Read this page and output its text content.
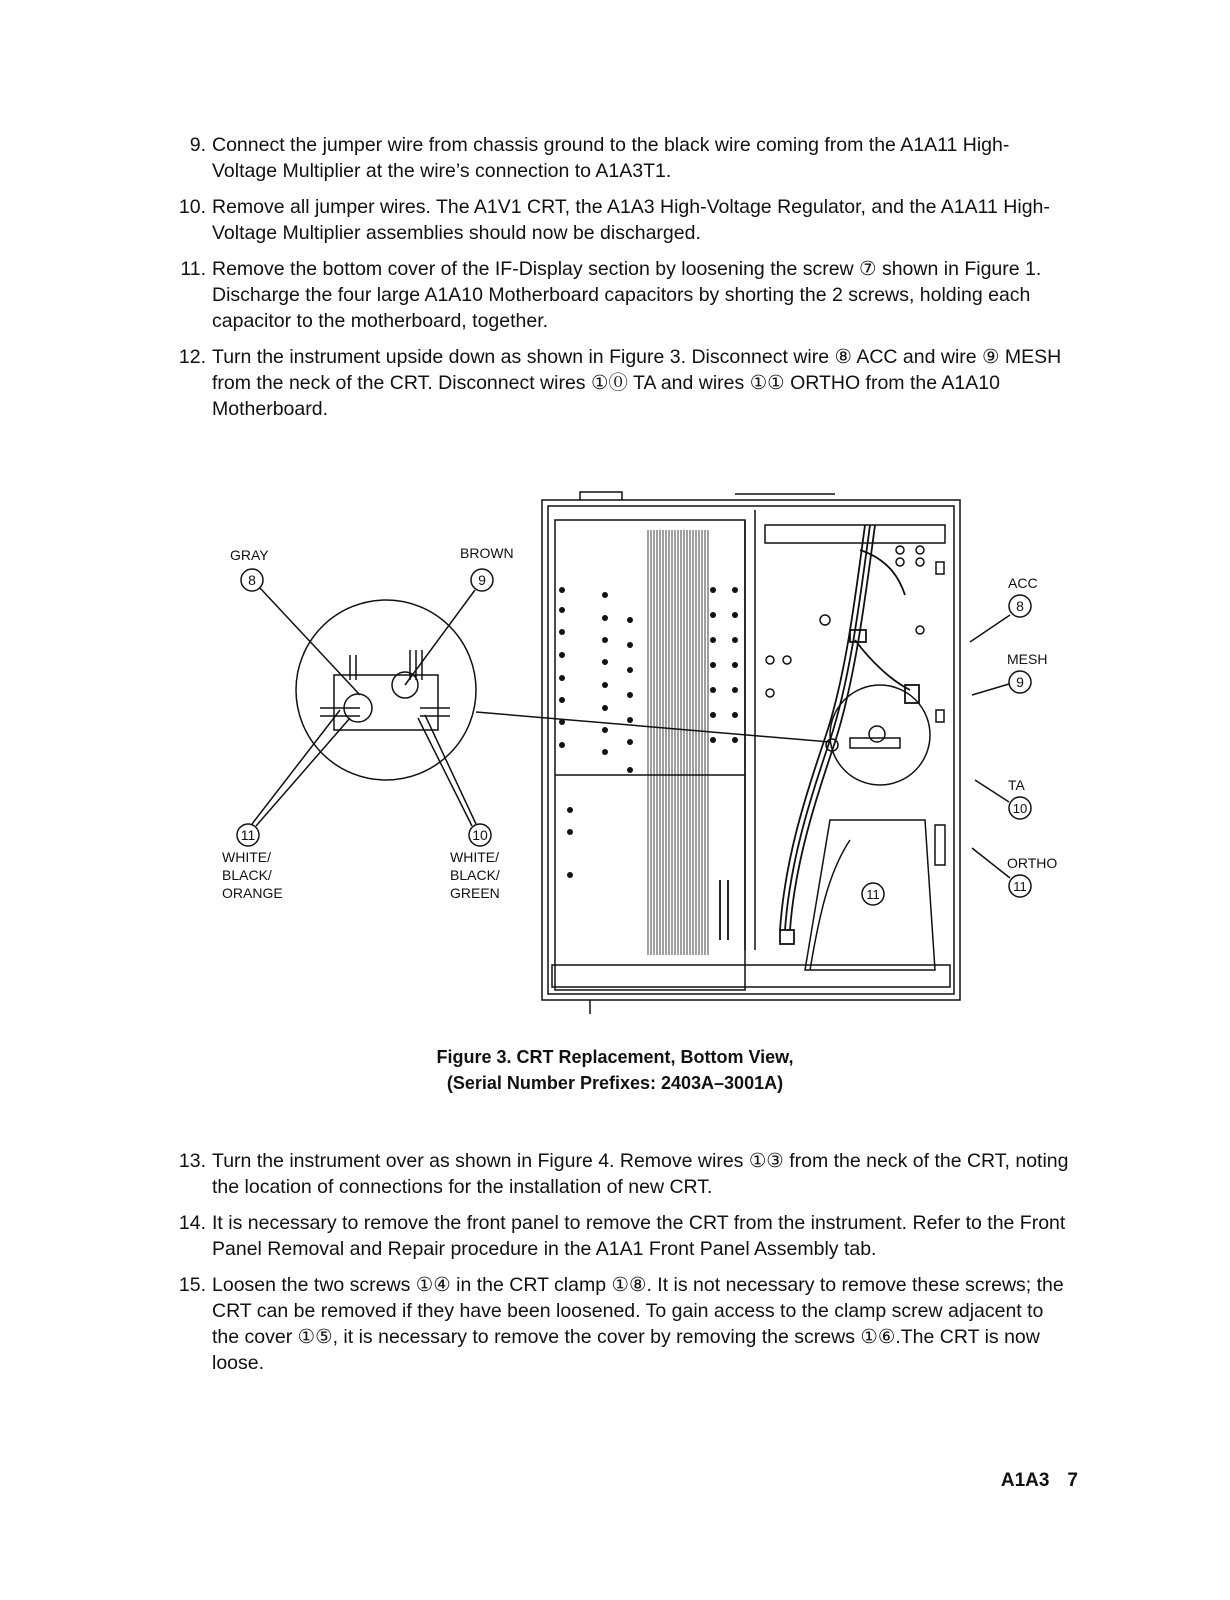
9. Connect the jumper wire from chassis ground to the black wire coming from the A1A11 High-Voltage Multiplier at the wire’s connection to A1A3T1.
10. Remove all jumper wires. The A1V1 CRT, the A1A3 High-Voltage Regulator, and the A1A11 High-Voltage Multiplier assemblies should now be discharged.
11. Remove the bottom cover of the IF-Display section by loosening the screw ⑦ shown in Figure 1. Discharge the four large A1A10 Motherboard capacitors by shorting the 2 screws, holding each capacitor to the motherboard, together.
12. Turn the instrument upside down as shown in Figure 3. Disconnect wire ⑧ ACC and wire ⑨ MESH from the neck of the CRT. Disconnect wires ①⓪ TA and wires ①① ORTHO from the A1A10 Motherboard.
GRAY
8
BROWN
9
11
WHITE/
BLACK/
ORANGE
10
WHITE/
BLACK/
GREEN
ACC
8
MESH
9
TA
10
ORTHO
11
11
Figure 3. CRT Replacement, Bottom View,
(Serial Number Prefixes: 2403A–3001A)
13. Turn the instrument over as shown in Figure 4. Remove wires ①③ from the neck of the CRT, noting the location of connections for the installation of new CRT.
14. It is necessary to remove the front panel to remove the CRT from the instrument. Refer to the Front Panel Removal and Repair procedure in the A1A1 Front Panel Assembly tab.
15. Loosen the two screws ①④ in the CRT clamp ①⑧. It is not necessary to remove these screws; the CRT can be removed if they have been loosened. To gain access to the clamp screw adjacent to the cover ①⑤, it is necessary to remove the cover by removing the screws ①⑥.The CRT is now loose.
A1A3 7
